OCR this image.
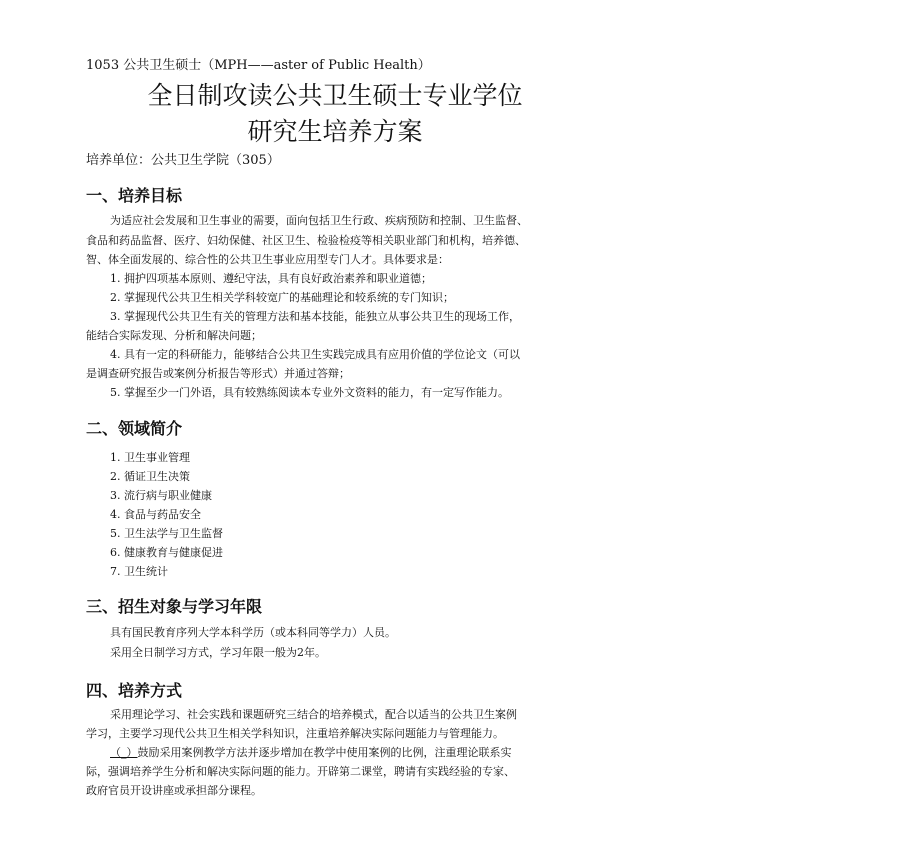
1053 公共卫生硕士（MPH——aster of Public Health）
全日制攻读公共卫生硕士专业学位
研究生培养方案
培养单位：公共卫生学院（305）
一、培养目标
为适应社会发展和卫生事业的需要，面向包括卫生行政、疾病预防和控制、卫生监督、
食品和药品监督、医疗、妇幼保健、社区卫生、检验检疫等相关职业部门和机构，培养德、
智、体全面发展的、综合性的公共卫生事业应用型专门人才。具体要求是：
1. 拥护四项基本原则、遵纪守法，具有良好政治素养和职业道德；
2. 掌握现代公共卫生相关学科较宽广的基础理论和较系统的专门知识；
3. 掌握现代公共卫生有关的管理方法和基本技能，能独立从事公共卫生的现场工作，
能结合实际发现、分析和解决问题；
4. 具有一定的科研能力，能够结合公共卫生实践完成具有应用价值的学位论文（可以
是调查研究报告或案例分析报告等形式）并通过答辩；
5. 掌握至少一门外语，具有较熟练阅读本专业外文资料的能力，有一定写作能力。
二、领域简介
1. 卫生事业管理
2. 循证卫生决策
3. 流行病与职业健康
4. 食品与药品安全
5. 卫生法学与卫生监督
6. 健康教育与健康促进
7. 卫生统计
三、招生对象与学习年限
具有国民教育序列大学本科学历（或本科同等学力）人员。
采用全日制学习方式，学习年限一般为2年。
四、培养方式
采用理论学习、社会实践和课题研究三结合的培养模式，配合以适当的公共卫生案例
学习，主要学习现代公共卫生相关学科知识，注重培养解决实际问题能力与管理能力。
（_）鼓励采用案例教学方法并逐步增加在教学中使用案例的比例，注重理论联系实
际，强调培养学生分析和解决实际问题的能力。开辟第二课堂，聘请有实践经验的专家、
政府官员开设讲座或承担部分课程。
